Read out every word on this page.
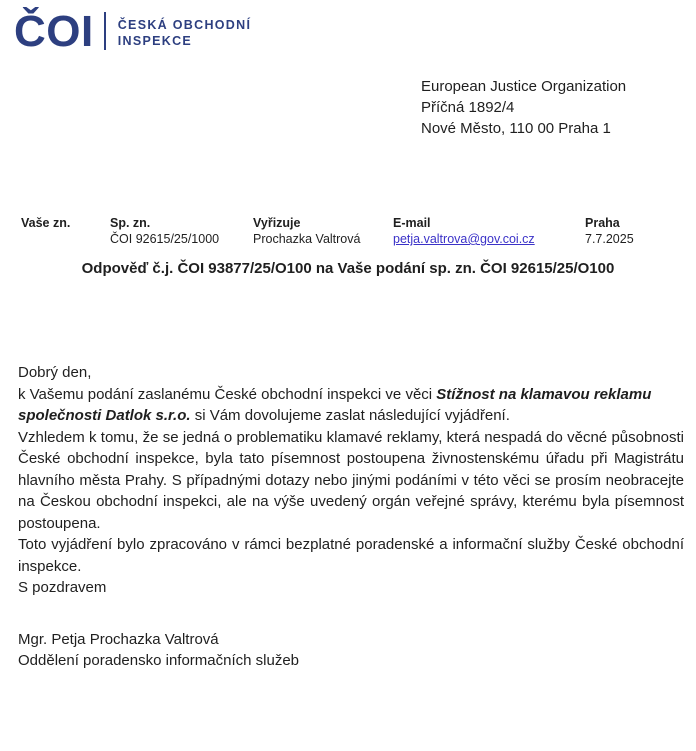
ČOI ČESKÁ OBCHODNÍ
INSPEKCE
European Justice Organization
Příčná 1892/4
Nové Město, 110 00 Praha 1
Vaše zn.	Sp. zn.
ČOI 92615/25/1000
Vyřizuje
Prochazka Valtrová
E-mail
petja.valtrova@gov.coi.cz
Praha
7.7.2025
Odpověď č.j. ČOI 93877/25/O100 na Vaše podání sp. zn. ČOI 92615/25/O100

Dobrý den,

k Vašemu podání zaslanému České obchodní inspekci ve věci Stížnost na klamavou reklamu společnosti Datlok s.r.o. si Vám dovolujeme zaslat následující vyjádření.

Vzhledem k tomu, že se jedná o problematiku klamavé reklamy, která nespadá do věcné působnosti České obchodní inspekce, byla tato písemnost postoupena živnostenskému úřadu při Magistrátu hlavního města Prahy. S případnými dotazy nebo jinými podáními v této věci se prosím neobracejte na Českou obchodní inspekci, ale na výše uvedený orgán veřejné správy, kterému byla písemnost postoupena.

Toto vyjádření bylo zpracováno v rámci bezplatné poradenské a informační služby České obchodní inspekce.

S pozdravem

Mgr. Petja Prochazka Valtrová
Oddělení poradensko informačních služeb
